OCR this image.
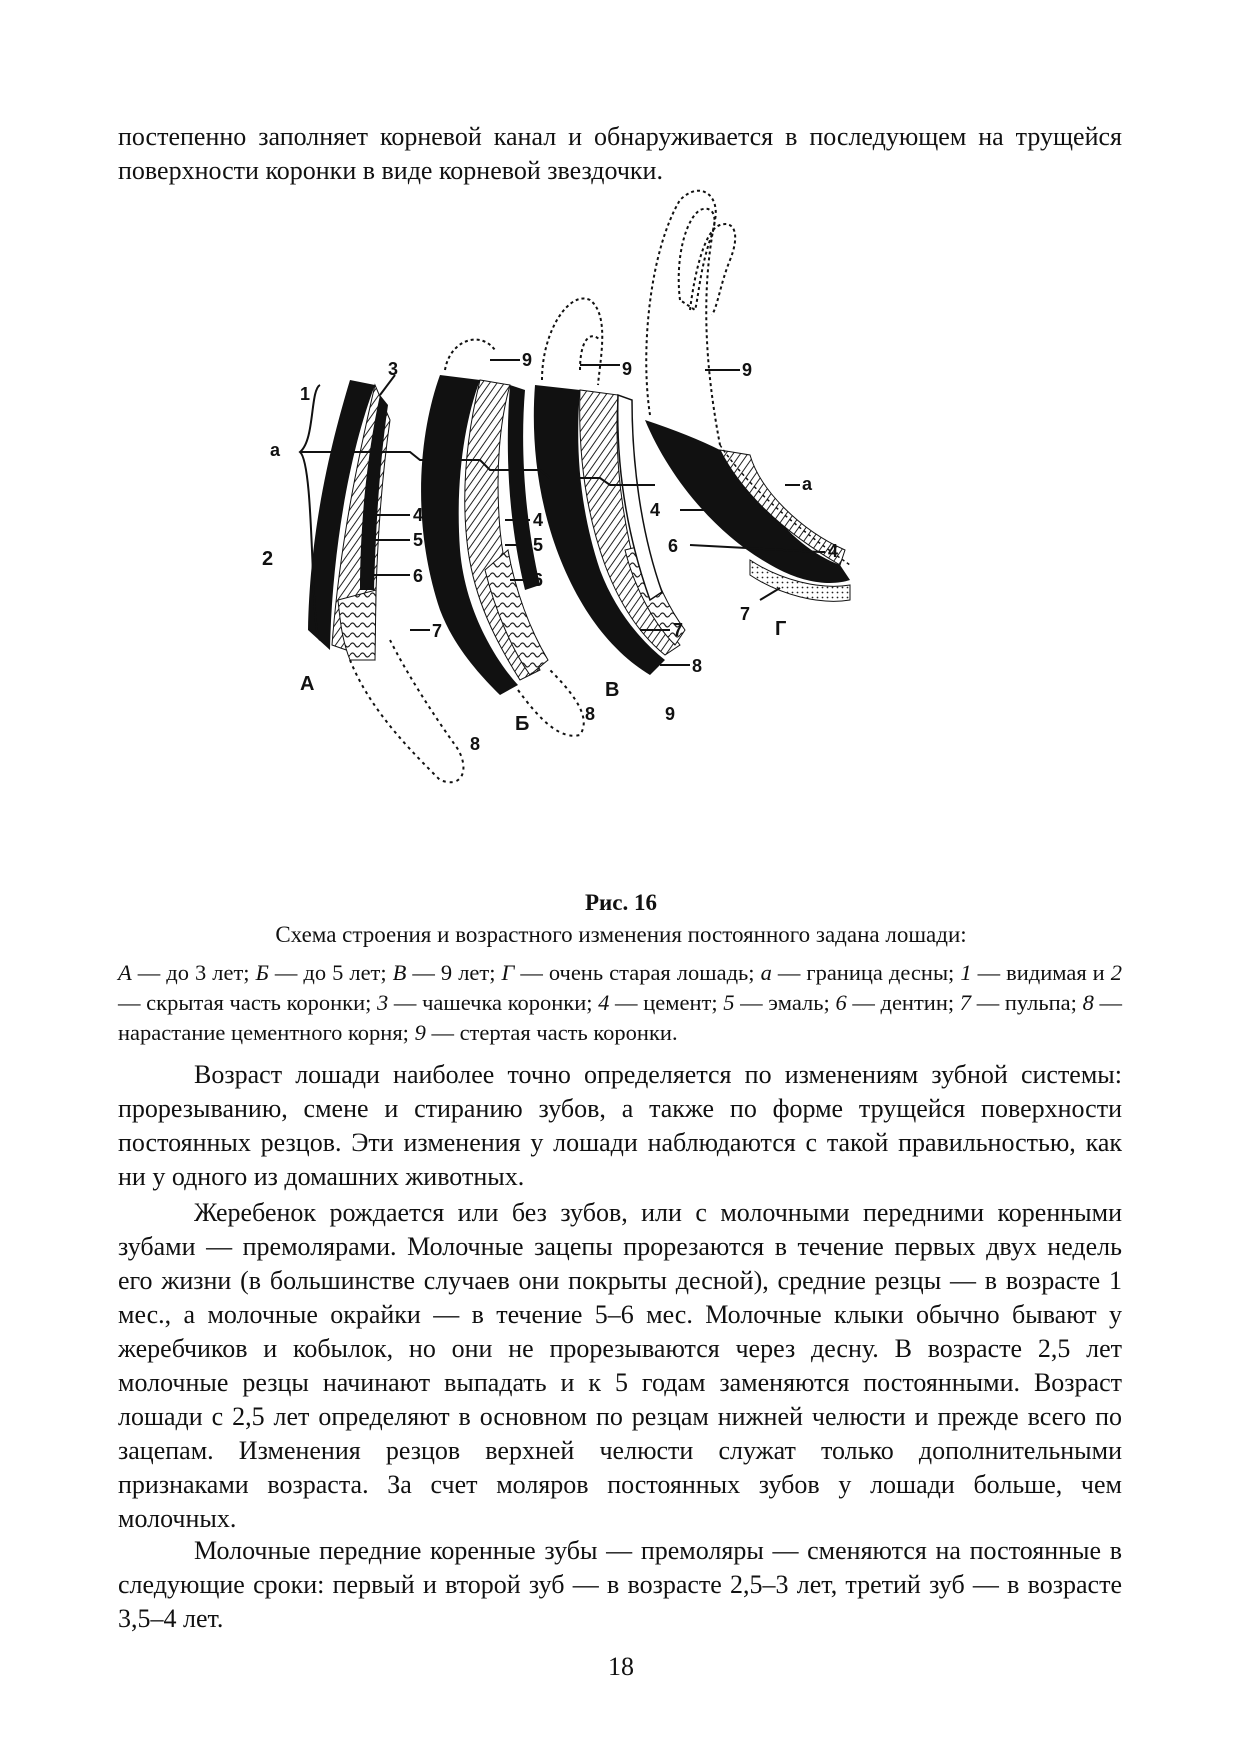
постепенно заполняет корневой канал и обнаруживается в последующем на трущейся поверхности коронки в виде корневой звездочки.

1
3
а
2
4
5
6
7
А
8
9
4
5
6
Б	8
9
7
8
В
9
9
а
4
6	4
7
Г
Рис. 16
Схема строения и возрастного изменения постоянного задана лошади:

А — до 3 лет; Б — до 5 лет; В — 9 лет; Г — очень старая лошадь; а — граница десны; 1 — видимая и 2 — скрытая часть коронки; 3 — чашечка коронки; 4 — цемент; 5 — эмаль; 6 — дентин; 7 — пульпа; 8 — нарастание цементного корня; 9 — стертая часть коронки.

Возраст лошади наиболее точно определяется по изменениям зубной системы: прорезыванию, смене и стиранию зубов, а также по форме трущейся поверхности постоянных резцов. Эти изменения у лошади наблюдаются с такой правильностью, как ни у одного из домашних животных.

Жеребенок рождается или без зубов, или с молочными передними коренными зубами — премолярами. Молочные зацепы прорезаются в течение первых двух недель его жизни (в большинстве случаев они покрыты десной), средние резцы — в возрасте 1 мес., а молочные окрайки — в течение 5–6 мес. Молочные клыки обычно бывают у жеребчиков и кобылок, но они не прорезываются через десну. В возрасте 2,5 лет молочные резцы начинают выпадать и к 5 годам заменяются постоянными. Возраст лошади с 2,5 лет определяют в основном по резцам нижней челюсти и прежде всего по зацепам. Изменения резцов верхней челюсти служат только дополнительными признаками возраста. За счет моляров постоянных зубов у лошади больше, чем молочных.

Молочные передние коренные зубы — премоляры — сменяются на постоянные в следующие сроки: первый и второй зуб — в возрасте 2,5–3 лет, третий зуб — в возрасте 3,5–4 лет.

18
